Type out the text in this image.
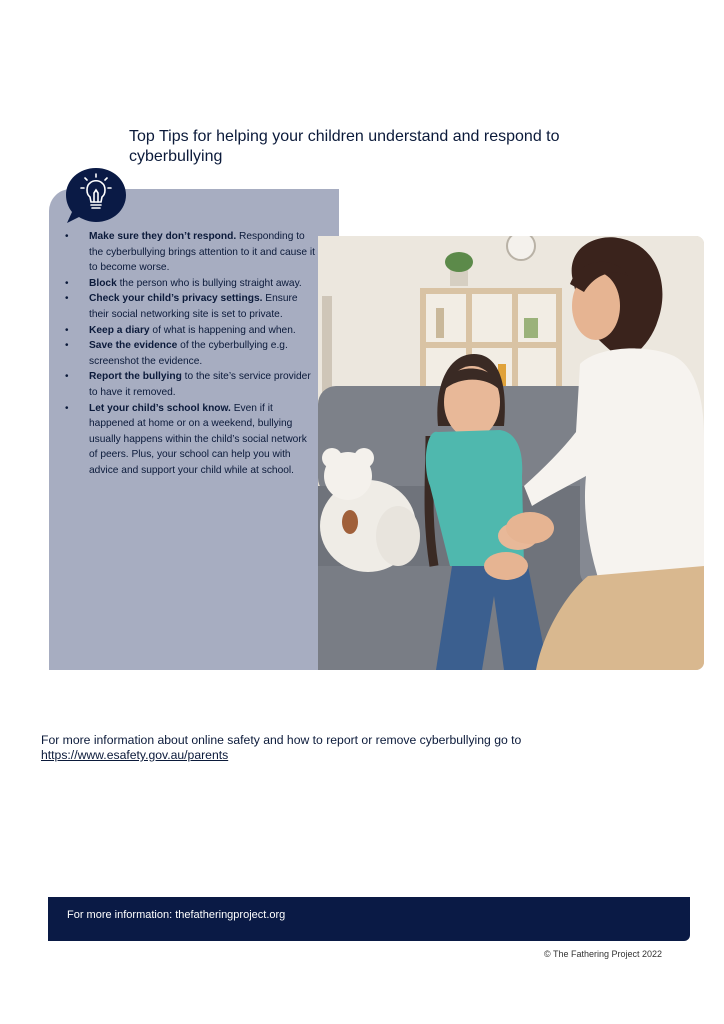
Top Tips for helping your children understand and respond to cyberbullying
• Make sure they don’t respond. Responding to the cyberbullying brings attention to it and cause it to become worse.
• Block the person who is bullying straight away.
• Check your child’s privacy settings. Ensure their social networking site is set to private.
• Keep a diary of what is happening and when.
• Save the evidence of the cyberbullying e.g. screenshot the evidence.
• Report the bullying to the site’s service provider to have it removed.
• Let your child’s school know. Even if it happened at home or on a weekend, bullying usually happens within the child’s social network of peers. Plus, your school can help you with advice and support your child while at school.
For more information about online safety and how to report or remove cyberbullying go to
https://www.esafety.gov.au/parents
For more information: thefatheringproject.org
© The Fathering Project 2022
